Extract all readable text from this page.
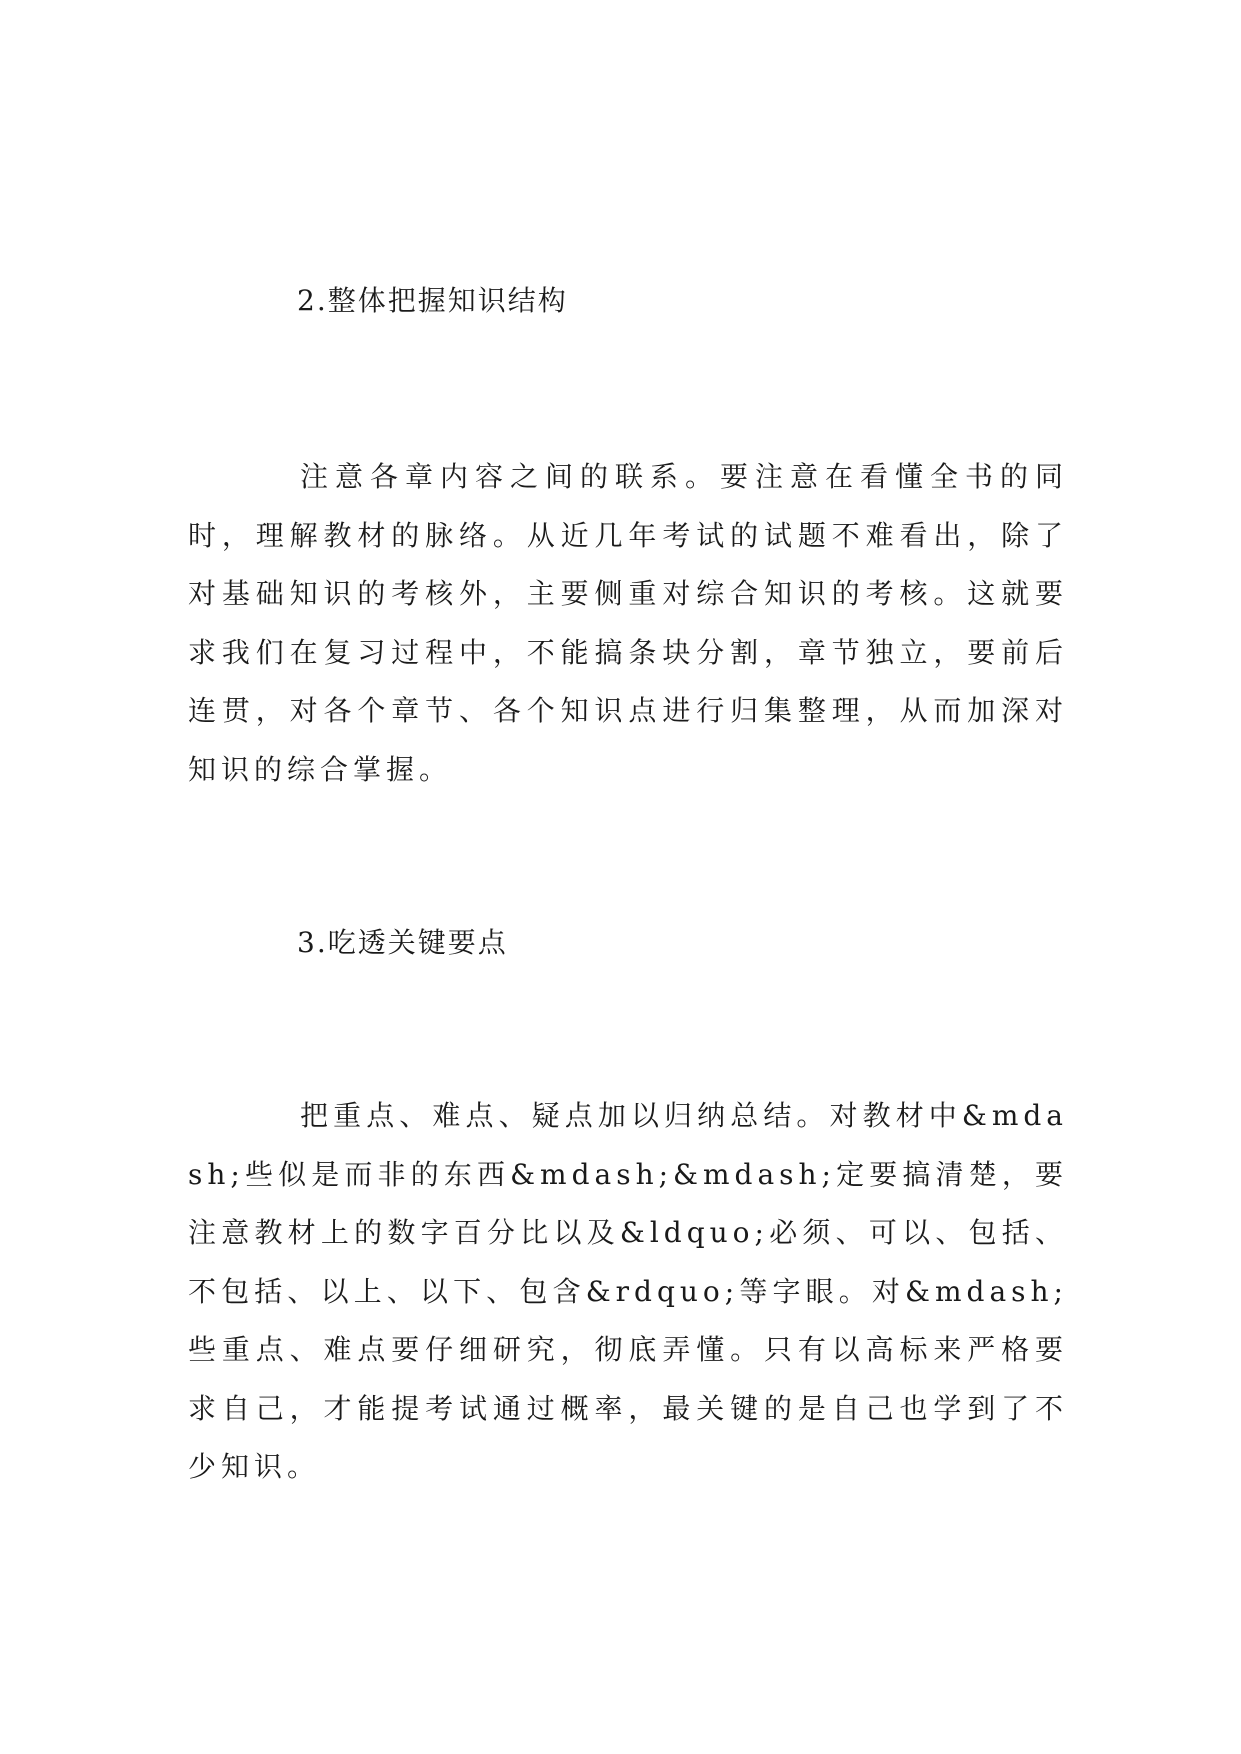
2.整体把握知识结构
注意各章内容之间的联系。要注意在看懂全书的同时，理解教材的脉络。从近几年考试的试题不难看出，除了对基础知识的考核外，主要侧重对综合知识的考核。这就要求我们在复习过程中，不能搞条块分割，章节独立，要前后连贯，对各个章节、各个知识点进行归集整理，从而加深对知识的综合掌握。
3.吃透关键要点
把重点、难点、疑点加以归纳总结。对教材中&mdash;些似是而非的东西&mdash;&mdash;定要搞清楚，要注意教材上的数字百分比以及&ldquo;必须、可以、包括、不包括、以上、以下、包含&rdquo;等字眼。对&mdash;些重点、难点要仔细研究，彻底弄懂。只有以高标来严格要求自己，才能提考试通过概率，最关键的是自己也学到了不少知识。
